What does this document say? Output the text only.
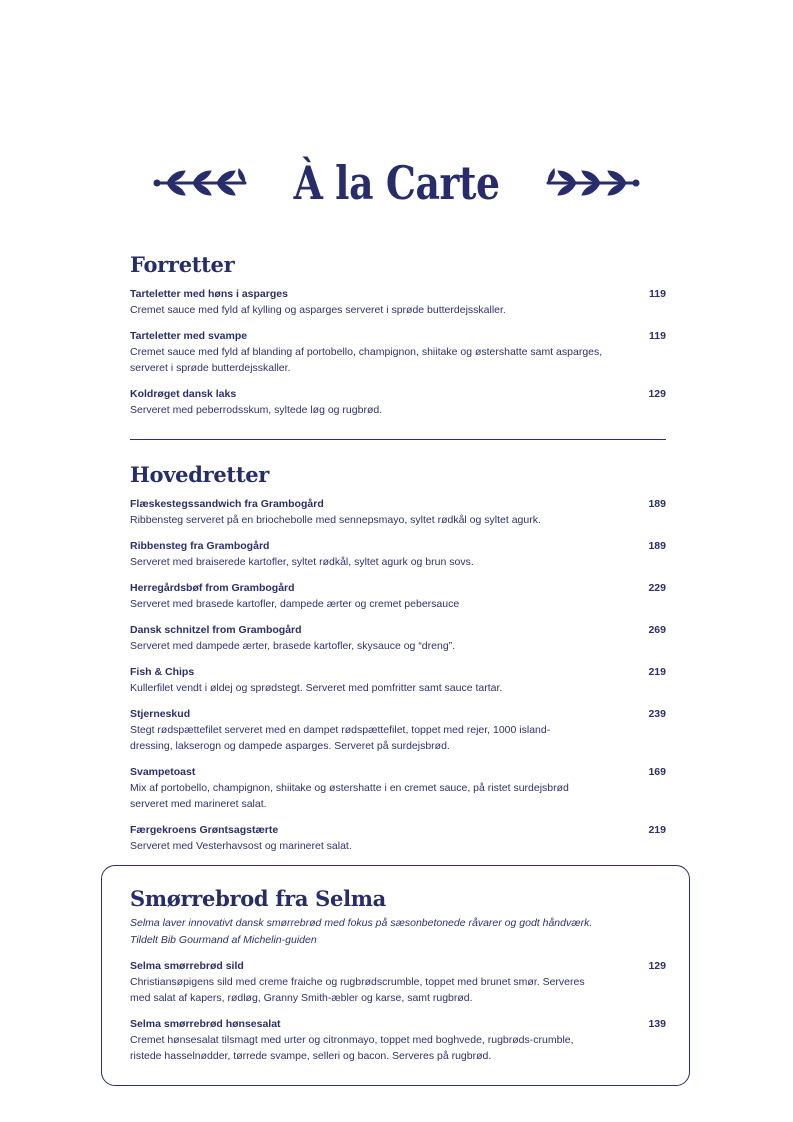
À la Carte
Forretter
Tarteletter med høns i asparges	119
Cremet sauce med fyld af kylling og asparges serveret i sprøde butterdejsskaller.
Tarteletter med svampe	119
Cremet sauce med fyld af blanding af portobello, champignon, shiitake og østershatte samt asparges, serveret i sprøde butterdejsskaller.
Koldrøget dansk laks	129
Serveret med peberrodsskum, syltede løg og rugbrød.
Hovedretter
Flæskestegssandwich fra Grambogård	189
Ribbensteg serveret på en briochebolle med sennepsmayo, syltet rødkål og syltet agurk.
Ribbensteg fra Grambogård	189
Serveret med braiserede kartofler, syltet rødkål, syltet agurk og brun sovs.
Herregårdsbøf from Grambogård	229
Serveret med brasede kartofler, dampede ærter og cremet pebersauce
Dansk schnitzel from Grambogård	269
Serveret med dampede ærter, brasede kartofler, skysauce og “dreng”.
Fish & Chips	219
Kullerfilet vendt i øldej og sprødstegt. Serveret med pomfritter samt sauce tartar.
Stjerneskud	239
Stegt rødspættefilet serveret med en dampet rødspættefilet, toppet med rejer, 1000 island-dressing, lakserogn og dampede asparges. Serveret på surdejsbrød.
Svampetoast	169
Mix af portobello, champignon, shiitake og østershatte i en cremet sauce, på ristet surdejsbrød serveret med marineret salat.
Færgekroens Grøntsagstærte	219
Serveret med Vesterhavsost og marineret salat.
Smørrebrod fra Selma
Selma laver innovativt dansk smørrebrød med fokus på sæsonbetonede råvarer og godt håndværk. Tildelt Bib Gourmand af Michelin-guiden
Selma smørrebrød sild	129
Christiansøpigens sild med creme fraiche og rugbrødscrumble, toppet med brunet smør. Serveres med salat af kapers, rødløg, Granny Smith-æbler og karse, samt rugbrød.
Selma smørrebrød hønsesalat	139
Cremet hønsesalat tilsmagt med urter og citronmayo, toppet med boghvede, rugbrøds-crumble, ristede hasselnødder, tørrede svampe, selleri og bacon. Serveres på rugbrød.
